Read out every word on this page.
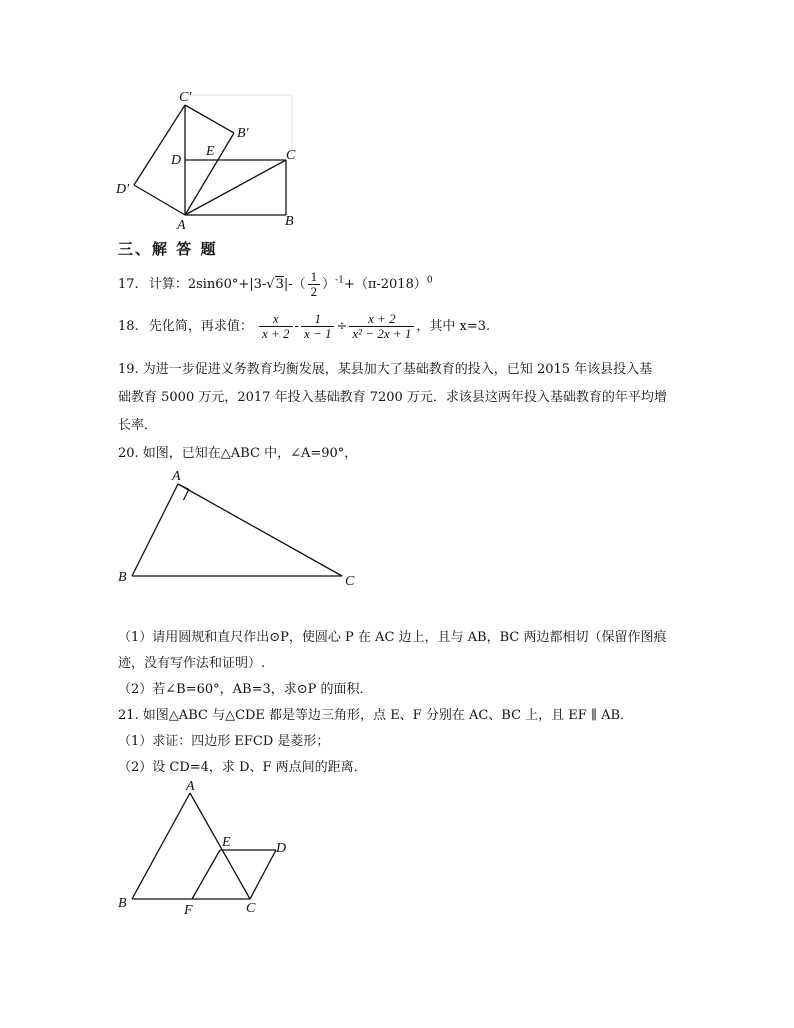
C′
B′
D
E	C
D′
A	B
三、解 答 题
17. 计算：$2\sin 60^\circ+|3-√3|-( \frac{1}{2} )^{-1}+(\pi-2018)^0$
18. 先化简，再求值： $\frac{x}{x + 2} - \frac{1}{x - 1} \div \frac{x + 2}{\text{x² − 2x + 1}}$ ，其中 x=3.
19. 为进一步促进义务教育均衡发展，某县加大了基础教育的投入，已知 2015 年该县投入基
础教育 5000 万元，2017 年投入基础教育 7200 万元．求该县这两年投入基础教育的年平均增
长率．
20. 如图，已知在△ABC 中，∠A=90°，
A
B	C
（1）请用圆规和直尺作出⊙P，使圆心 P 在 AC 边上，且与 AB，BC 两边都相切（保留作图痕
迹，没有写作法和证明）.
（2）若∠B=60°，AB=3，求⊙P 的面积．
21. 如图△ABC 与△CDE 都是等边三角形，点 E、F 分别在 AC、BC 上，且 EF ∥ AB．
（1）求证：四边形 EFCD 是菱形；
（2）设 CD=4，求 D、F 两点间的距离．
A
E	D
B	F	C
